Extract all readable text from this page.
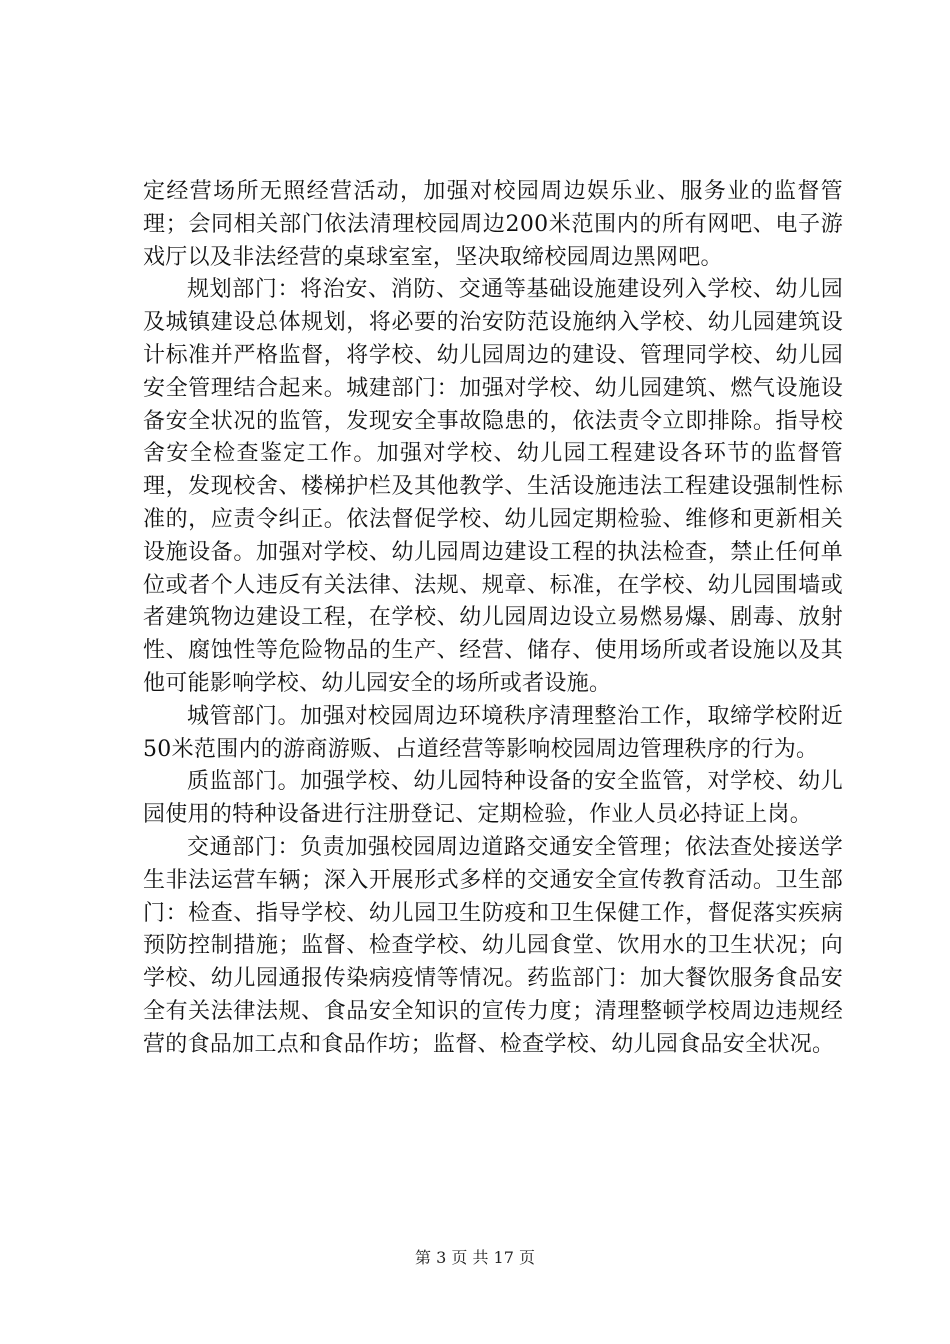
定经营场所无照经营活动，加强对校园周边娱乐业、服务业的监督管理；会同相关部门依法清理校园周边200米范围内的所有网吧、电子游戏厅以及非法经营的桌球室室，坚决取缔校园周边黑网吧。

规划部门：将治安、消防、交通等基础设施建设列入学校、幼儿园及城镇建设总体规划，将必要的治安防范设施纳入学校、幼儿园建筑设计标准并严格监督，将学校、幼儿园周边的建设、管理同学校、幼儿园安全管理结合起来。城建部门：加强对学校、幼儿园建筑、燃气设施设备安全状况的监管，发现安全事故隐患的，依法责令立即排除。指导校舍安全检查鉴定工作。加强对学校、幼儿园工程建设各环节的监督管理，发现校舍、楼梯护栏及其他教学、生活设施违法工程建设强制性标准的，应责令纠正。依法督促学校、幼儿园定期检验、维修和更新相关设施设备。加强对学校、幼儿园周边建设工程的执法检查，禁止任何单位或者个人违反有关法律、法规、规章、标准，在学校、幼儿园围墙或者建筑物边建设工程，在学校、幼儿园周边设立易燃易爆、剧毒、放射性、腐蚀性等危险物品的生产、经营、储存、使用场所或者设施以及其他可能影响学校、幼儿园安全的场所或者设施。

城管部门。加强对校园周边环境秩序清理整治工作，取缔学校附近50米范围内的游商游贩、占道经营等影响校园周边管理秩序的行为。

质监部门。加强学校、幼儿园特种设备的安全监管，对学校、幼儿园使用的特种设备进行注册登记、定期检验，作业人员必持证上岗。

交通部门：负责加强校园周边道路交通安全管理；依法查处接送学生非法运营车辆；深入开展形式多样的交通安全宣传教育活动。卫生部门：检查、指导学校、幼儿园卫生防疫和卫生保健工作，督促落实疾病预防控制措施；监督、检查学校、幼儿园食堂、饮用水的卫生状况；向学校、幼儿园通报传染病疫情等情况。药监部门：加大餐饮服务食品安全有关法律法规、食品安全知识的宣传力度；清理整顿学校周边违规经营的食品加工点和食品作坊；监督、检查学校、幼儿园食品安全状况。

第 3 页 共 17 页
